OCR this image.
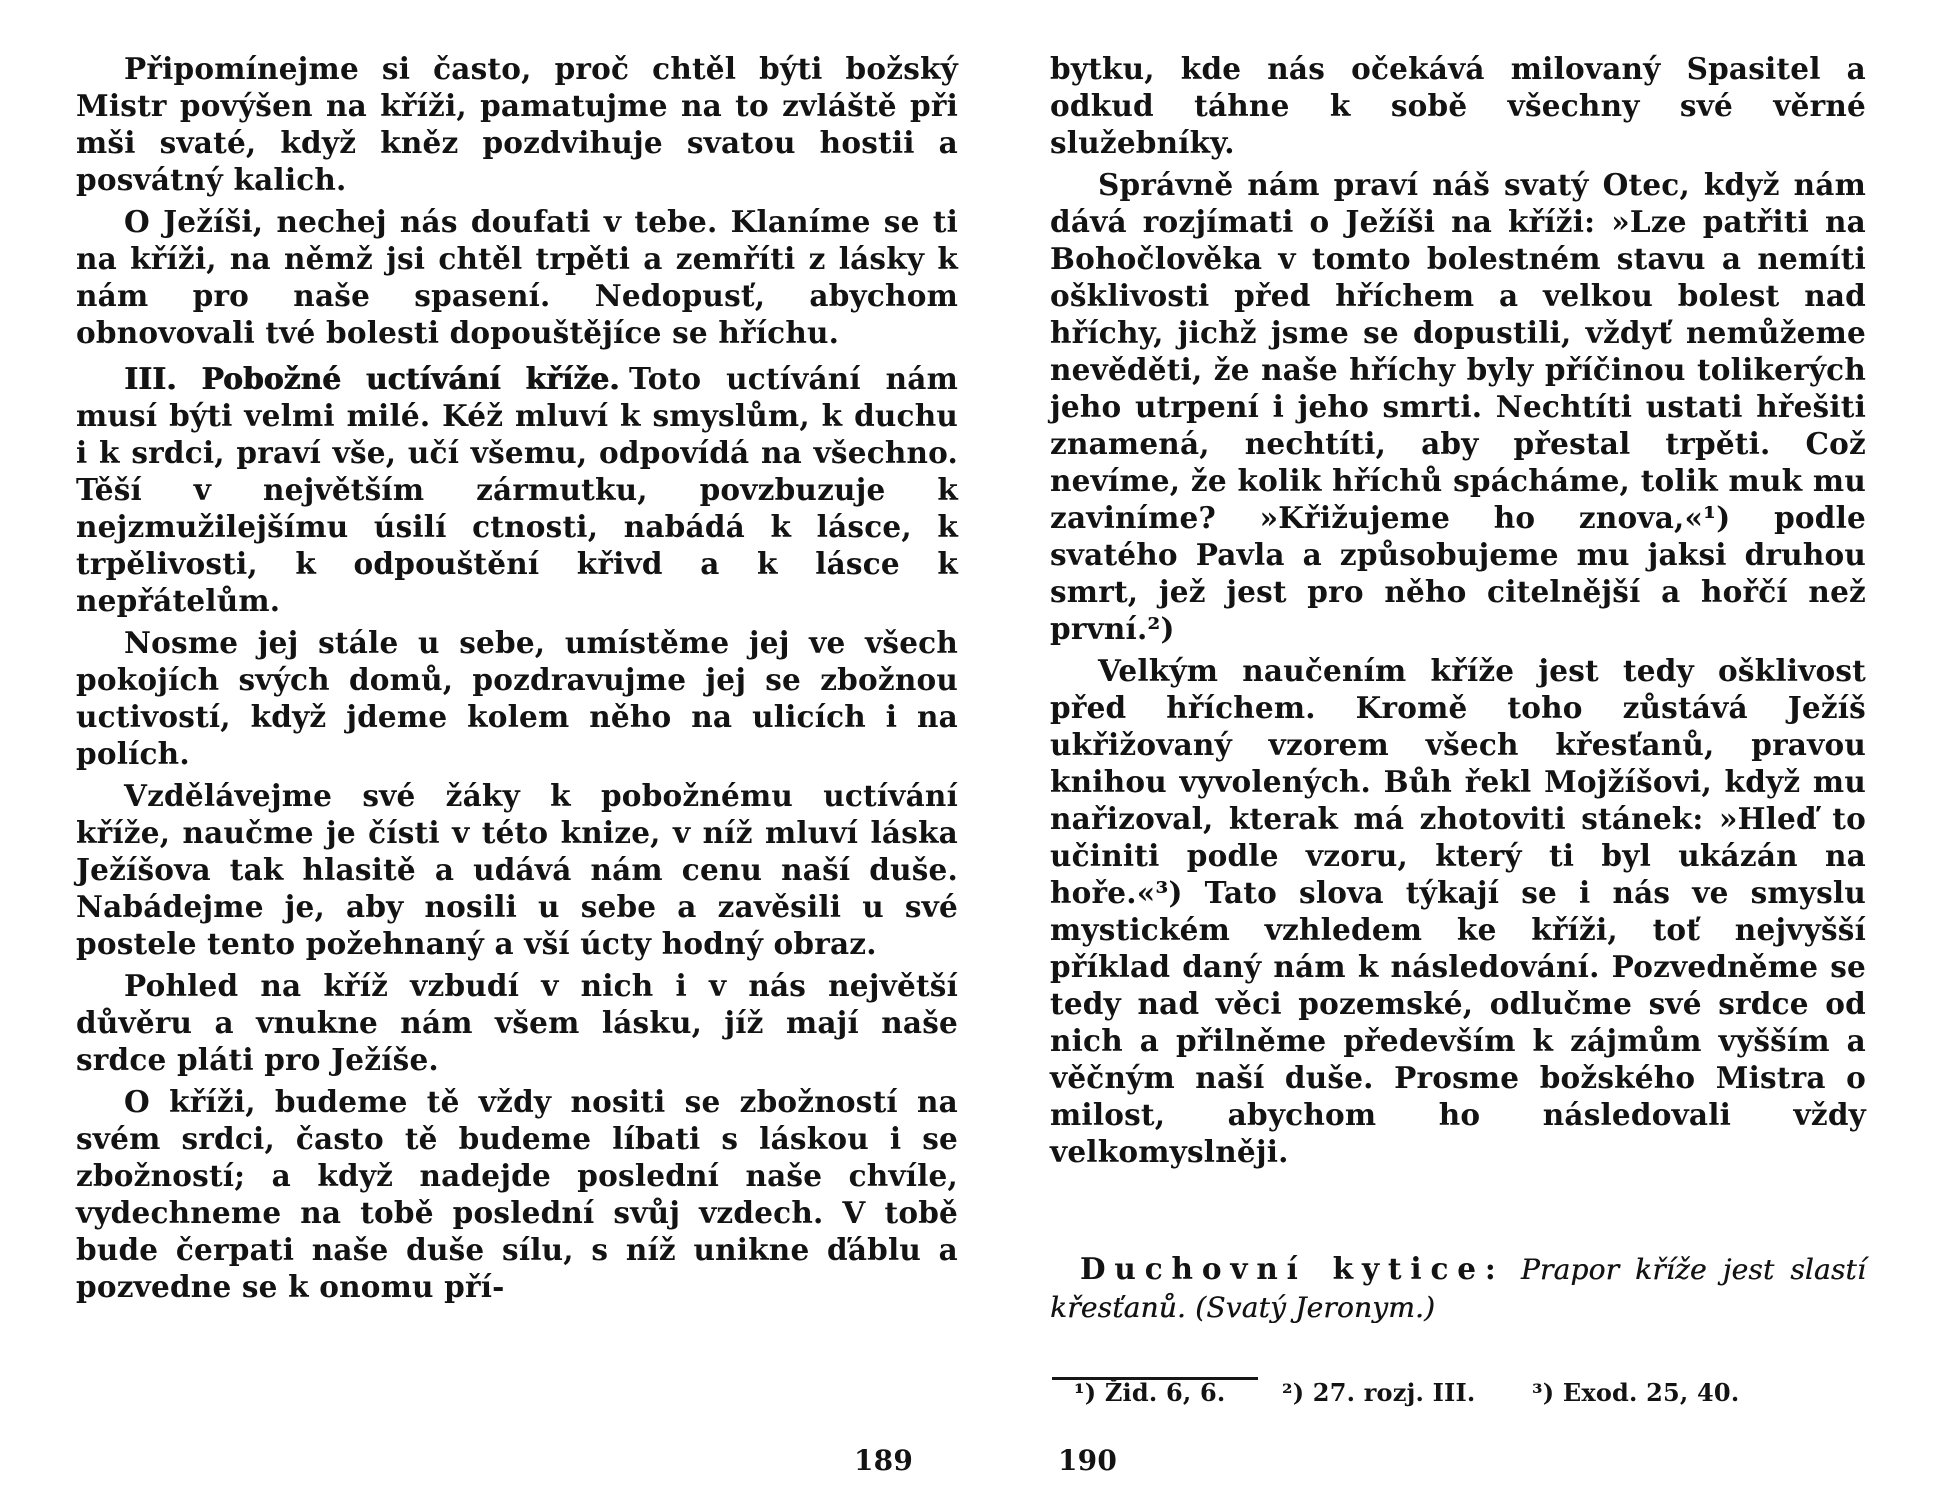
Připomínejme si často, proč chtěl býti božský Mistr povýšen na kříži, pamatujme na to zvláště při mši svaté, když kněz pozdvihuje svatou hostii a posvátný kalich.

O Ježíši, nechej nás doufati v tebe. Klaníme se ti na kříži, na němž jsi chtěl trpěti a zemříti z lásky k nám pro naše spasení. Nedopusť, abychom obnovovali tvé bolesti dopouštějíce se hříchu.

III. Pobožné uctívání kříže. Toto uctívání nám musí býti velmi milé. Kéž mluví k smyslům, k duchu i k srdci, praví vše, učí všemu, odpovídá na všechno. Těší v největším zármutku, povzbuzuje k nejzmužilejšímu úsilí ctnosti, nabádá k lásce, k trpělivosti, k odpouštění křivd a k lásce k nepřátelům.

Nosme jej stále u sebe, umístěme jej ve všech pokojích svých domů, pozdravujme jej se zbožnou uctivostí, když jdeme kolem něho na ulicích i na polích.

Vzdělávejme své žáky k pobožnému uctívání kříže, naučme je čísti v této knize, v níž mluví láska Ježíšova tak hlasitě a udává nám cenu naší duše. Nabádejme je, aby nosili u sebe a zavěsili u své postele tento požehnaný a vší úcty hodný obraz.

Pohled na kříž vzbudí v nich i v nás největší důvěru a vnukne nám všem lásku, jíž mají naše srdce pláti pro Ježíše.

O kříži, budeme tě vždy nositi se zbožností na svém srdci, často tě budeme líbati s láskou i se zbožností; a když nadejde poslední naše chvíle, vydechneme na tobě poslední svůj vzdech. V tobě bude čerpati naše duše sílu, s níž unikne ďáblu a pozvedne se k onomu pří-

189

bytku, kde nás očekává milovaný Spasitel a odkud táhne k sobě všechny své věrné služebníky.

Správně nám praví náš svatý Otec, když nám dává rozjímati o Ježíši na kříži: »Lze patřiti na Bohočlověka v tomto bolestném stavu a nemíti ošklivosti před hříchem a velkou bolest nad hříchy, jichž jsme se dopustili, vždyť nemůžeme nevěděti, že naše hříchy byly příčinou tolikerých jeho utrpení i jeho smrti. Nechtíti ustati hřešiti znamená, nechtíti, aby přestal trpěti. Což nevíme, že kolik hříchů spácháme, tolik muk mu zaviníme? »Křižujeme ho znova,«¹) podle svatého Pavla a způsobujeme mu jaksi druhou smrt, jež jest pro něho citelnější a hořčí než první.²)

Velkým naučením kříže jest tedy ošklivost před hříchem. Kromě toho zůstává Ježíš ukřižovaný vzorem všech křesťanů, pravou knihou vyvolených. Bůh řekl Mojžíšovi, když mu nařizoval, kterak má zhotoviti stánek: »Hleď to učiniti podle vzoru, který ti byl ukázán na hoře.«³) Tato slova týkají se i nás ve smyslu mystickém vzhledem ke kříži, toť nejvyšší příklad daný nám k následování. Pozvedněme se tedy nad věci pozemské, odlučme své srdce od nich a přilněme především k zájmům vyšším a věčným naší duše. Prosme božského Mistra o milost, abychom ho následovali vždy velkomyslněji.

Duchovní kytice: Prapor kříže jest slastí křesťanů. (Svatý Jeronym.)

¹) Žid. 6, 6. ²) 27. rozj. III. ³) Exod. 25, 40.

190
